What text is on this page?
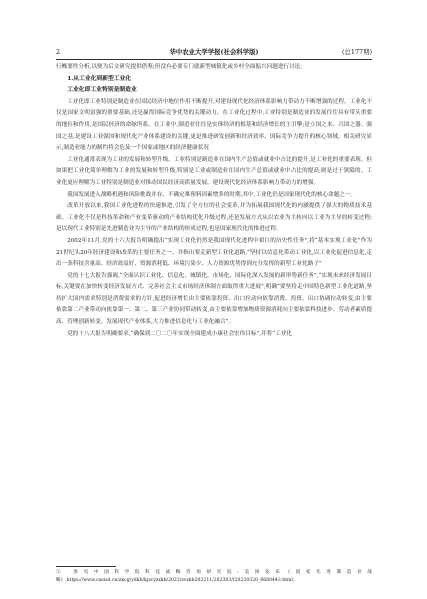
2	华中农业大学学报(社会科学版)	(总177期)

行概要性分析,以便为后文研究提供借鉴;但没有必要专门就新型城镇化或乡村全面振兴问题进行讨论。

1.从工业化到新型工业化
工业化即工业特别是制造业

工业化即工业特别是制造业在国民经济中地位作用不断提升,对建设现代化经济体系影响力带动力不断增强的过程。工业化不仅是国家文明富强的重要基础,还是赢得国际竞争优势的关键动力。在工业化过程中,工业特别是制造业的发展往往具有带头重要的地位和作用,是国民经济的命脉所系。在工业中,制造业往往是实体经济的根基和经济增长的主引擎;是立国之本、兴国之器、强国之基,是建设工业强国和现代化产业体系建设的关键,更是推进研发创新和经济效率、国际竞争力提升的核心领域。相关研究显示,制造业能力的制约将会危及一个国家或地区的经济健康状况

工业化通常表现为工业的发展和转型升级。工业特别是制造业在国内生产总值或就业中占比的提升,是工业化的重要表现。但如果把工业化简单理解为工业的发展和转型升级,特别是工业或制造业在国内生产总值或就业中占比的提高,则是过于狭隘的。工业化更应理解为工业特别是制造业对推动国民经济高质量发展、建设现代化经济体系影响力带动力的增强。

我国发展进入战略机遇和风险挑战并存、不确定难预料因素增多的时期,其中,工业化仍是国家现代化的核心命题之一。

改革开放以来,我国工业化进程的快速推进,引发了全方位的社会变革,并为拓展我国现代化的内涵提供了强大的物质技术基础。工业化不仅是科技革命和产业变革驱动的产业结构优化升级过程,还是发展方式从以农业为主转向以工业为主导的转变过程;是以现代工业特别是先进制造业为主导的产业结构的形成过程,也是国家现代化的推进过程。

2002年11月,党的十六大报告明确提出“实现工业化仍然是我国现代化进程中艰巨的历史性任务”,将“基本实现工业化”作为21世纪头20年经济建设和改革的主要任务之一。并指出要走新型工业化道路,“坚持以信息化带动工业化,以工业化促进信息化,走出一条科技含量高、经济效益好、资源消耗低、环境污染少、人力资源优势得到充分发挥的新型工业化路子”

党的十七大报告强调,“全面认识工业化、信息化、城镇化、市场化、国际化深入发展的新形势新任务”,“实现未来经济发展目标,关键要在加快转变经济发展方式、完善社会主义市场经济体制方面取得重大进展”,明确“要坚持走中国特色新型工业化道路,坚持扩大国内需求特别是消费需求的方针,促进经济增长由主要依靠投资、出口拉动向依靠消费、投资、出口协调拉动转变,由主要依靠第二产业带动向依靠第一、第二、第三产业协同带动转变,由主要依靠增加物质资源消耗向主要依靠科技进步、劳动者素质提高、管理创新转变。发展现代产业体系,大力推进信息化与工业化融合”。

党的十八大报告明确要求,“确保到二〇二〇年实现全面建成小康社会宏伟目标”,并将“工业化

① 参见中国科学院科技战略咨询研究院:美国发布《国家先进制造业战略》,https://www.casisd.cn/zkcg/ydkb/kjzcyzxkb/2022/zcxkb202211/202303/t20230320_6680443.html。
